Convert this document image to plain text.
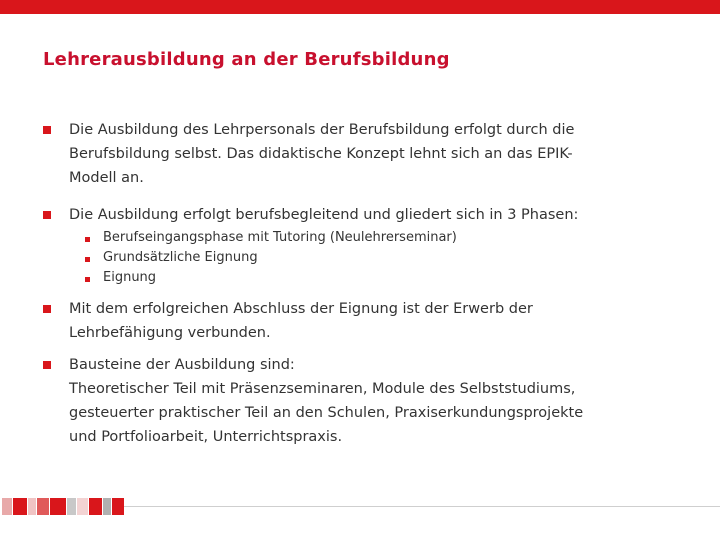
Lehrerausbildung an der Berufsbildung

Die Ausbildung des Lehrpersonals der Berufsbildung erfolgt durch die
Berufsbildung selbst. Das didaktische Konzept lehnt sich an das EPIK-
Modell an.

Die Ausbildung erfolgt berufsbegleitend und gliedert sich in 3 Phasen:

Berufseingangsphase mit Tutoring (Neulehrerseminar)

Grundsätzliche Eignung

Eignung

Mit dem erfolgreichen Abschluss der Eignung ist der Erwerb der
Lehrbefähigung verbunden.

Bausteine der Ausbildung sind:
Theoretischer Teil mit Präsenzseminaren, Module des Selbststudiums,
gesteuerter praktischer Teil an den Schulen, Praxiserkundungsprojekte
und Portfolioarbeit, Unterrichtspraxis.
